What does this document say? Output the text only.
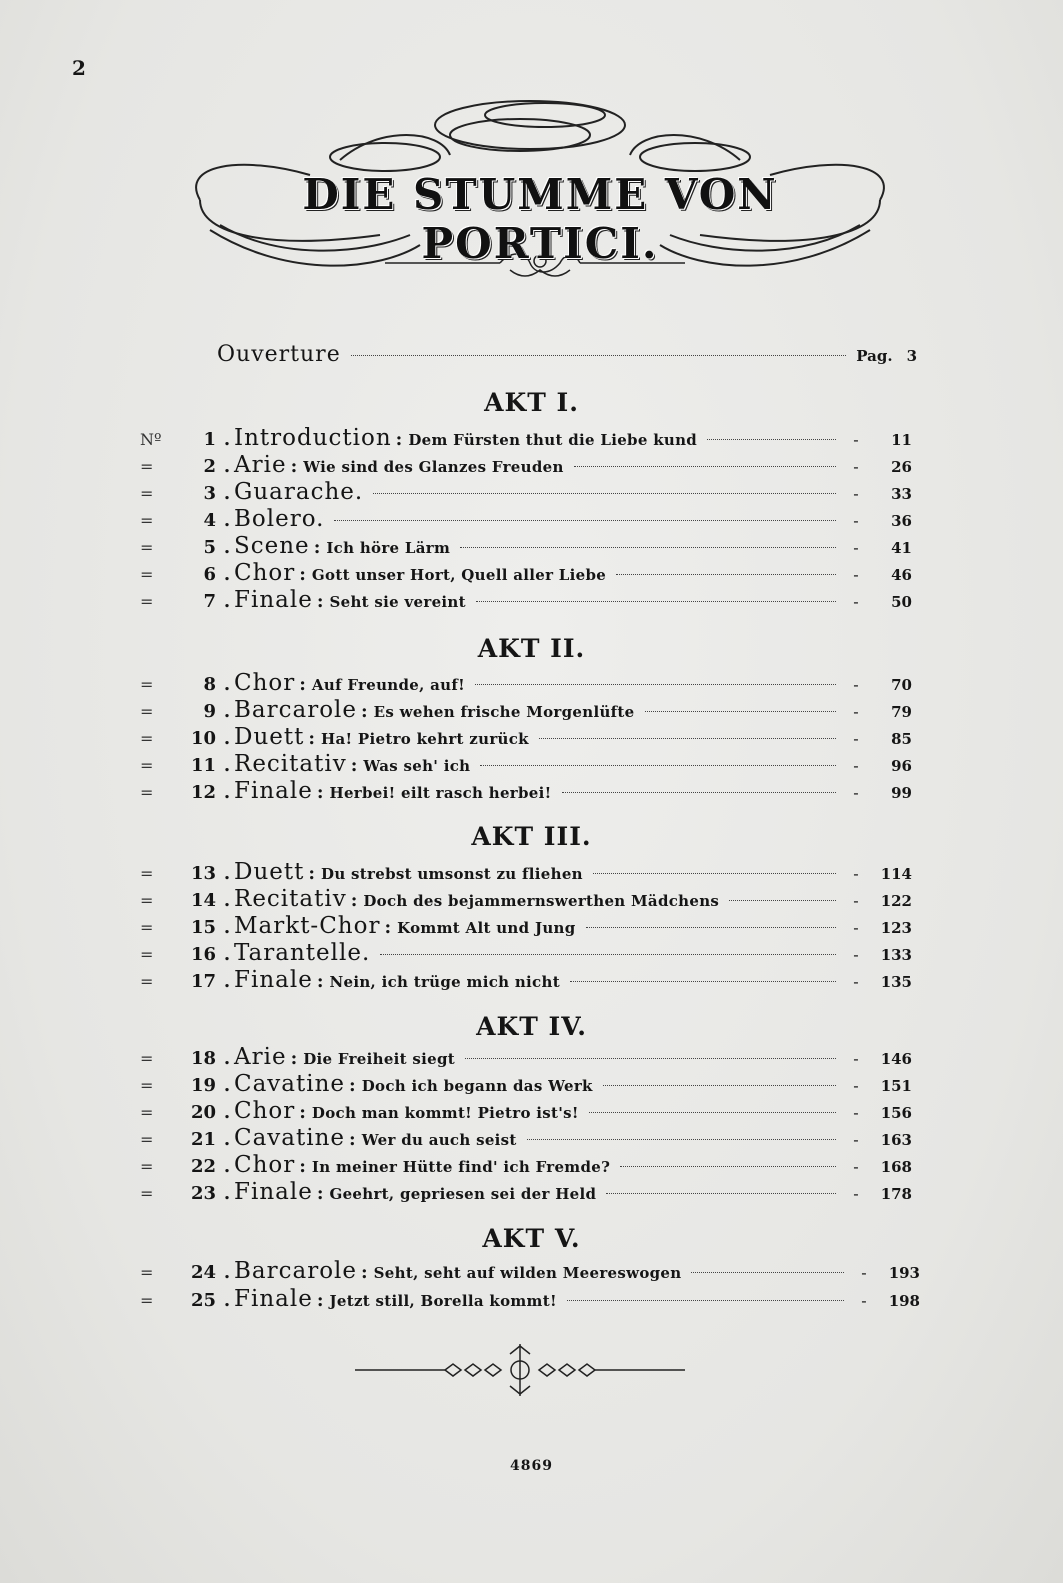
2
DIE STUMME VON PORTICI.
Ouverture	Pag. 3
AKT I.
Nº	1 . Introduction : Dem Fürsten thut die Liebe kund	-	11
=	2 . Arie : Wie sind des Glanzes Freuden	-	26
=	3 . Guarache.	-	33
=	4 . Bolero.	-	36
=	5 . Scene : Ich höre Lärm	-	41
=	6 . Chor : Gott unser Hort, Quell aller Liebe	-	46
=	7 . Finale : Seht sie vereint	-	50
AKT II.
=	8 . Chor : Auf Freunde, auf!	-	70
=	9 . Barcarole : Es wehen frische Morgenlüfte	-	79
=	10 . Duett : Ha! Pietro kehrt zurück	-	85
=	11 . Recitativ : Was seh' ich	-	96
=	12 . Finale : Herbei! eilt rasch herbei!	-	99
AKT III.
=	13 . Duett : Du strebst umsonst zu fliehen	-	114
=	14 . Recitativ : Doch des bejammernswerthen Mädchens	-	122
=	15 . Markt-Chor : Kommt Alt und Jung	-	123
=	16 . Tarantelle.	-	133
=	17 . Finale : Nein, ich trüge mich nicht	-	135
AKT IV.
=	18 . Arie : Die Freiheit siegt	-	146
=	19 . Cavatine : Doch ich begann das Werk	-	151
=	20 . Chor : Doch man kommt! Pietro ist's!	-	156
=	21 . Cavatine : Wer du auch seist	-	163
=	22 . Chor : In meiner Hütte find' ich Fremde?	-	168
=	23 . Finale : Geehrt, gepriesen sei der Held	-	178
AKT V.
=	24 . Barcarole : Seht, seht auf wilden Meereswogen	-	193
=	25 . Finale : Jetzt still, Borella kommt!	-	198
4869
